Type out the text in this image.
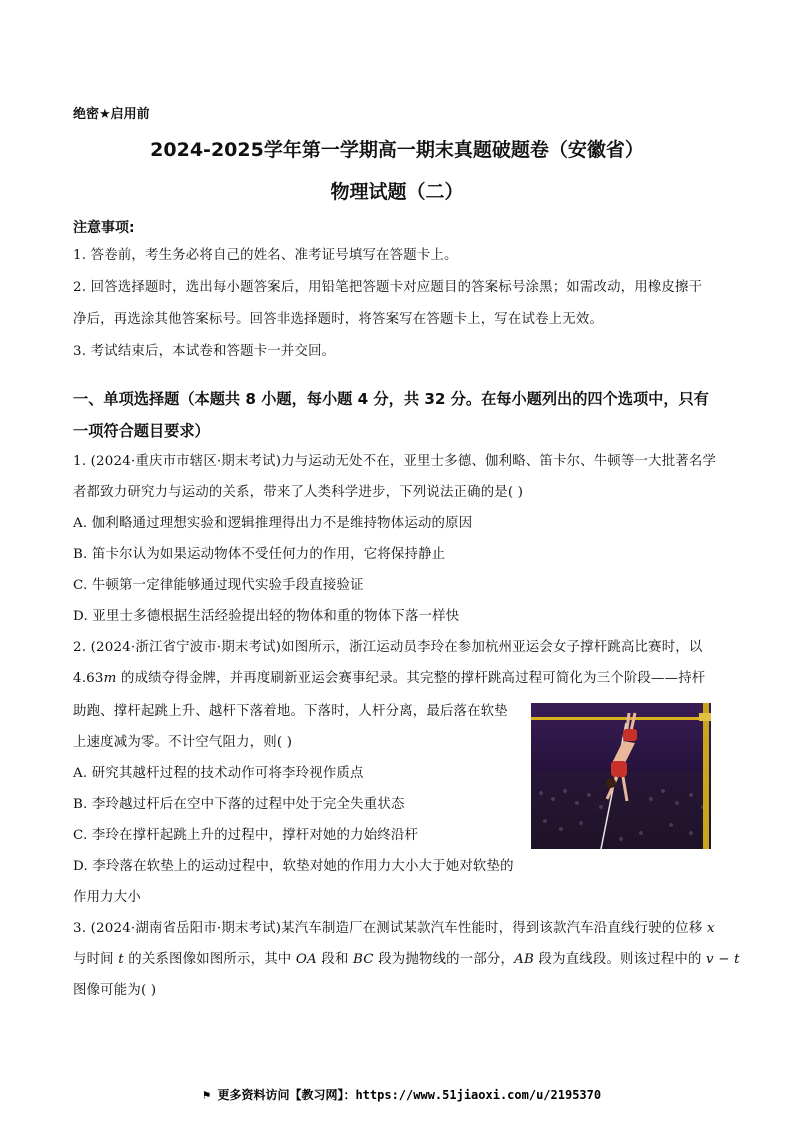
绝密★启用前
2024-2025学年第一学期高一期末真题破题卷（安徽省）
物理试题（二）
注意事项:
1. 答卷前，考生务必将自己的姓名、准考证号填写在答题卡上。
2. 回答选择题时，选出每小题答案后，用铅笔把答题卡对应题目的答案标号涂黑；如需改动，用橡皮擦干
净后，再选涂其他答案标号。回答非选择题时，将答案写在答题卡上，写在试卷上无效。
3. 考试结束后，本试卷和答题卡一并交回。
一、单项选择题（本题共 8 小题，每小题 4 分，共 32 分。在每小题列出的四个选项中，只有
一项符合题目要求）
1. (2024·重庆市市辖区·期末考试)力与运动无处不在，亚里士多德、伽利略、笛卡尔、牛顿等一大批著名学
者都致力研究力与运动的关系，带来了人类科学进步，下列说法正确的是( )
A. 伽利略通过理想实验和逻辑推理得出力不是维持物体运动的原因
B. 笛卡尔认为如果运动物体不受任何力的作用，它将保持静止
C. 牛顿第一定律能够通过现代实验手段直接验证
D. 亚里士多德根据生活经验提出轻的物体和重的物体下落一样快
2. (2024·浙江省宁波市·期末考试)如图所示，浙江运动员李玲在参加杭州亚运会女子撑杆跳高比赛时，以
4.63m 的成绩夺得金牌，并再度刷新亚运会赛事纪录。其完整的撑杆跳高过程可简化为三个阶段——持杆
助跑、撑杆起跳上升、越杆下落着地。下落时，人杆分离，最后落在软垫
上速度减为零。不计空气阻力，则( )
A. 研究其越杆过程的技术动作可将李玲视作质点
B. 李玲越过杆后在空中下落的过程中处于完全失重状态
C. 李玲在撑杆起跳上升的过程中，撑杆对她的力始终沿杆
D. 李玲落在软垫上的运动过程中，软垫对她的作用力大小大于她对软垫的
作用力大小
3. (2024·湖南省岳阳市·期末考试)某汽车制造厂在测试某款汽车性能时，得到该款汽车沿直线行驶的位移 x
与时间 t 的关系图像如图所示，其中 OA 段和 BC 段为抛物线的一部分，AB 段为直线段。则该过程中的 v − t
图像可能为( )
⚑ 更多资料访问【教习网】：https://www.51jiaoxi.com/u/2195370
